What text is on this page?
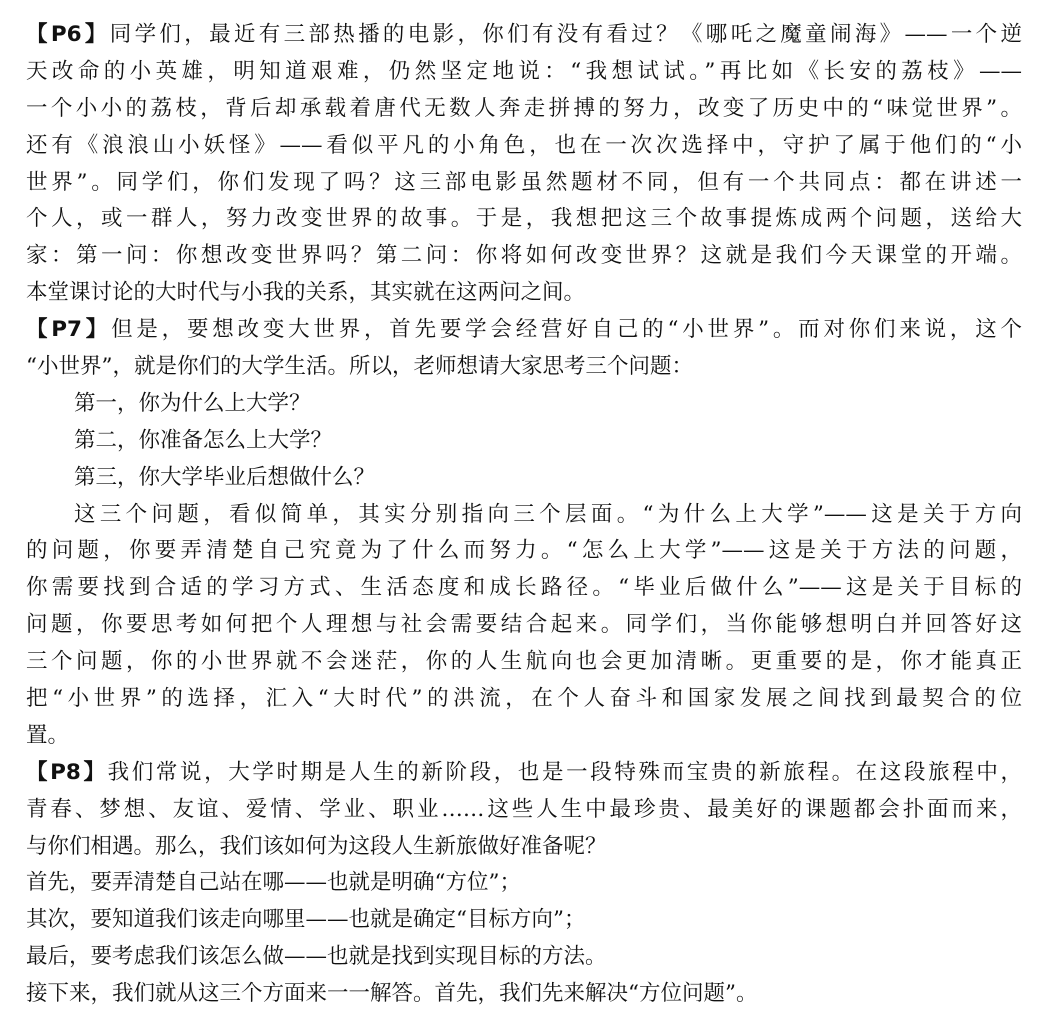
【P6】同学们，最近有三部热播的电影，你们有没有看过？《哪吒之魔童闹海》——一个逆
天改命的小英雄，明知道艰难，仍然坚定地说：“我想试试。”再比如《长安的荔枝》——
一个小小的荔枝，背后却承载着唐代无数人奔走拼搏的努力，改变了历史中的“味觉世界”。
还有《浪浪山小妖怪》——看似平凡的小角色，也在一次次选择中，守护了属于他们的“小
世界”。同学们，你们发现了吗？这三部电影虽然题材不同，但有一个共同点：都在讲述一
个人，或一群人，努力改变世界的故事。于是，我想把这三个故事提炼成两个问题，送给大
家：第一问：你想改变世界吗？第二问：你将如何改变世界？这就是我们今天课堂的开端。
本堂课讨论的大时代与小我的关系，其实就在这两问之间。
【P7】但是，要想改变大世界，首先要学会经营好自己的“小世界”。而对你们来说，这个
“小世界”，就是你们的大学生活。所以，老师想请大家思考三个问题：
第一，你为什么上大学？
第二，你准备怎么上大学？
第三，你大学毕业后想做什么？
这三个问题，看似简单，其实分别指向三个层面。“为什么上大学”——这是关于方向
的问题，你要弄清楚自己究竟为了什么而努力。“怎么上大学”——这是关于方法的问题，
你需要找到合适的学习方式、生活态度和成长路径。“毕业后做什么”——这是关于目标的
问题，你要思考如何把个人理想与社会需要结合起来。同学们，当你能够想明白并回答好这
三个问题，你的小世界就不会迷茫，你的人生航向也会更加清晰。更重要的是，你才能真正
把“小世界”的选择，汇入“大时代”的洪流，在个人奋斗和国家发展之间找到最契合的位
置。
【P8】我们常说，大学时期是人生的新阶段，也是一段特殊而宝贵的新旅程。在这段旅程中，
青春、梦想、友谊、爱情、学业、职业……这些人生中最珍贵、最美好的课题都会扑面而来，
与你们相遇。那么，我们该如何为这段人生新旅做好准备呢？
首先，要弄清楚自己站在哪——也就是明确“方位”；
其次，要知道我们该走向哪里——也就是确定“目标方向”；
最后，要考虑我们该怎么做——也就是找到实现目标的方法。
接下来，我们就从这三个方面来一一解答。首先，我们先来解决“方位问题”。
